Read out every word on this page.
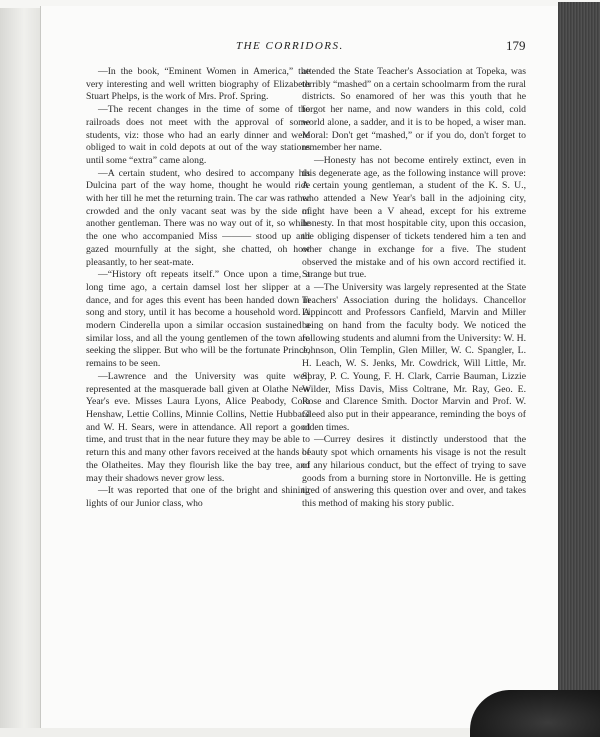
THE CORRIDORS.	179

—In the book, “Eminent Women in America,” the very interesting and well written biography of Elizabeth Stuart Phelps, is the work of Mrs. Prof. Spring.

—The recent changes in the time of some of the railroads does not meet with the approval of some students, viz: those who had an early dinner and were obliged to wait in cold depots at out of the way stations until some “extra” came along.

—A certain student, who desired to accompany his Dulcina part of the way home, thought he would ride with her till he met the returning train. The car was rather crowded and the only vacant seat was by the side of another gentleman. There was no way out of it, so while the one who accompanied Miss ——— stood up and gazed mournfully at the sight, she chatted, oh how pleasantly, to her seat-mate.

—“History oft repeats itself.” Once upon a time, a long time ago, a certain damsel lost her slipper at a dance, and for ages this event has been handed down in song and story, until it has become a household word. A modern Cinderella upon a similar occasion sustained a similar loss, and all the young gentlemen of the town are seeking the slipper. But who will be the fortunate Prince, remains to be seen.

—Lawrence and the University was quite well represented at the masquerade ball given at Olathe New Year's eve. Misses Laura Lyons, Alice Peabody, Cora Henshaw, Lettie Collins, Minnie Collins, Nettie Hubbard and W. H. Sears, were in attendance. All report a good time, and trust that in the near future they may be able to return this and many other favors received at the hands of the Olatheites. May they flourish like the bay tree, and may their shadows never grow less.

—It was reported that one of the bright and shining lights of our Junior class, who

attended the State Teacher's Association at Topeka, was terribly “mashed” on a certain schoolmarm from the rural districts. So enamored of her was this youth that he forgot her name, and now wanders in this cold, cold world alone, a sadder, and it is to be hoped, a wiser man. Moral: Don't get “mashed,” or if you do, don't forget to remember her name.

—Honesty has not become entirely extinct, even in this degenerate age, as the following instance will prove: A certain young gentleman, a student of the K. S. U., who attended a New Year's ball in the adjoining city, might have been a V ahead, except for his extreme honesty. In that most hospitable city, upon this occasion, the obliging dispenser of tickets tendered him a ten and other change in exchange for a five. The student observed the mistake and of his own accord rectified it. Strange but true.

—The University was largely represented at the State Teachers' Association during the holidays. Chancellor Lippincott and Professors Canfield, Marvin and Miller being on hand from the faculty body. We noticed the following students and alumni from the University: W. H. Johnson, Olin Templin, Glen Miller, W. C. Spangler, L. H. Leach, W. S. Jenks, Mr. Cowdrick, Will Little, Mr. Spray, P. C. Young, F. H. Clark, Carrie Bauman, Lizzie Wilder, Miss Davis, Miss Coltrane, Mr. Ray, Geo. E. Rose and Clarence Smith. Doctor Marvin and Prof. W. Gleed also put in their appearance, reminding the boys of olden times.

—Currey desires it distinctly understood that the beauty spot which ornaments his visage is not the result of any hilarious conduct, but the effect of trying to save goods from a burning store in Nortonville. He is getting tired of answering this question over and over, and takes this method of making his story public.
